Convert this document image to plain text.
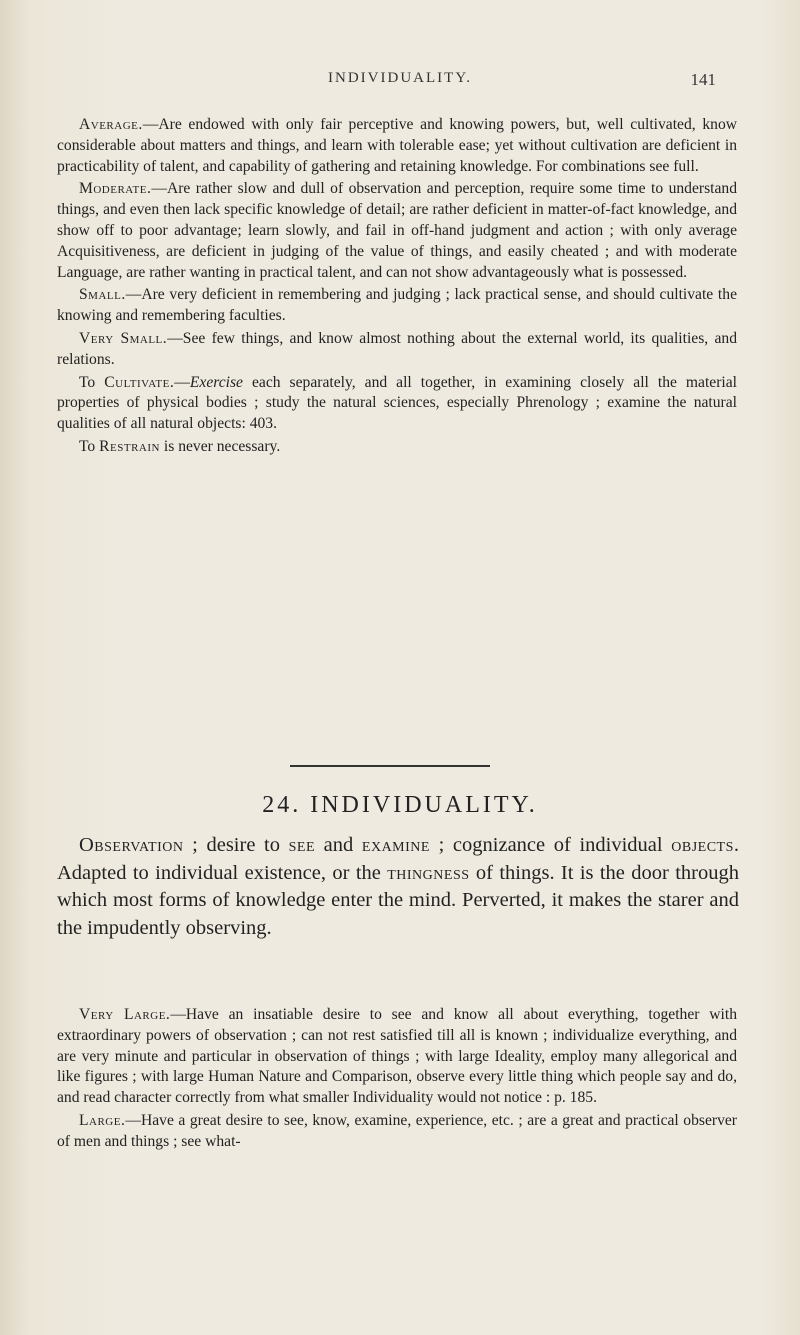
INDIVIDUALITY.	141

Average.—Are endowed with only fair perceptive and knowing powers, but, well cultivated, know considerable about matters and things, and learn with tolerable ease; yet without cultivation are deficient in practicability of talent, and capability of gathering and retaining knowledge. For combinations see full.

Moderate.—Are rather slow and dull of observation and perception, require some time to understand things, and even then lack specific knowledge of detail; are rather deficient in matter-of-fact knowledge, and show off to poor advantage; learn slowly, and fail in off-hand judgment and action ; with only average Acquisitiveness, are deficient in judging of the value of things, and easily cheated ; and with moderate Language, are rather wanting in practical talent, and can not show advantageously what is possessed.

Small.—Are very deficient in remembering and judging ; lack practical sense, and should cultivate the knowing and remembering faculties.

Very Small.—See few things, and know almost nothing about the external world, its qualities, and relations.

To Cultivate.—Exercise each separately, and all together, in examining closely all the material properties of physical bodies ; study the natural sciences, especially Phrenology ; examine the natural qualities of all natural objects: 403.

To Restrain is never necessary.

24. INDIVIDUALITY.

Observation ; desire to see and examine ; cognizance of individual objects. Adapted to individual existence, or the thingness of things. It is the door through which most forms of knowledge enter the mind. Perverted, it makes the starer and the impudently observing.

Very Large.—Have an insatiable desire to see and know all about everything, together with extraordinary powers of observation ; can not rest satisfied till all is known ; individualize everything, and are very minute and particular in observation of things ; with large Ideality, employ many allegorical and like figures ; with large Human Nature and Comparison, observe every little thing which people say and do, and read character correctly from what smaller Individuality would not notice : p. 185.

Large.—Have a great desire to see, know, examine, experience, etc. ; are a great and practical observer of men and things ; see what-
